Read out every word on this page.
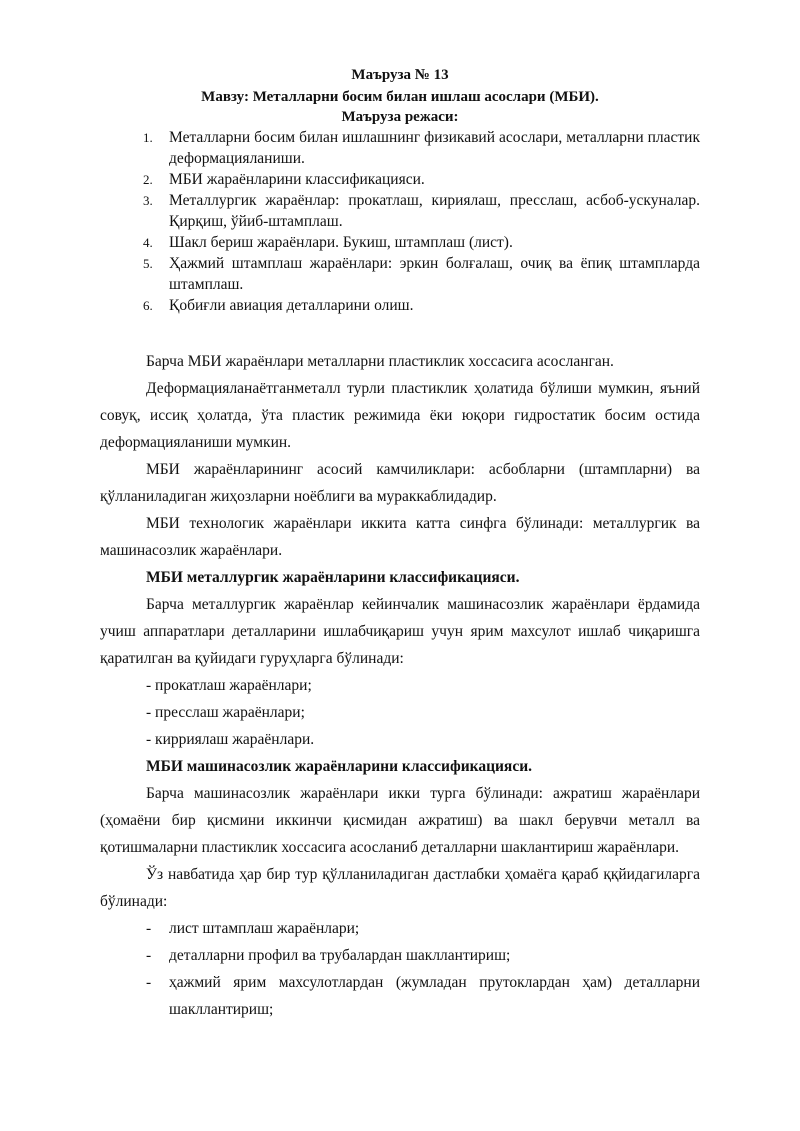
Маъруза № 13
Мавзу: Металларни босим билан ишлаш асослари (МБИ).
Маъруза режаси:
1. Металларни босим билан ишлашнинг физикавий асослари, металларни пластик деформацияланиши.
2. МБИ жараёнларини классификацияси.
3. Металлургик жараёнлар: прокатлаш, кириялаш, пресслаш, асбоб-ускуналар. Қирқиш, ўйиб-штамплаш.
4. Шакл бериш жараёнлари. Букиш, штамплаш (лист).
5. Ҳажмий штамплаш жараёнлари: эркин болғалаш, очиқ ва ёпиқ штампларда штамплаш.
6. Қобиғли авиация деталларини олиш.

Барча МБИ жараёнлари металларни пластиклик хоссасига асосланган.

Деформацияланаётганметалл турли пластиклик ҳолатида бўлиши мумкин, яъний совуқ, иссиқ ҳолатда, ўта пластик режимида ёки юқори гидростатик босим остида деформацияланиши мумкин.

МБИ жараёнларининг асосий камчиликлари: асбобларни (штампларни) ва қўлланиладиган жиҳозларни ноёблиги ва мураккаблидадир.

МБИ технологик жараёнлари иккита катта синфга бўлинади: металлургик ва машинасозлик жараёнлари.

МБИ металлургик жараёнларини классификацияси.

Барча металлургик жараёнлар кейинчалик машинасозлик жараёнлари ёрдамида учиш аппаратлари деталларини ишлабчиқариш учун ярим махсулот ишлаб чиқаришга қаратилган ва қуйидаги гуруҳларга бўлинади:

- прокатлаш жараёнлари;

- пресслаш жараёнлари;

- кирриялаш жараёнлари.

МБИ машинасозлик жараёнларини классификацияси.

Барча машинасозлик жараёнлари икки турга бўлинади: ажратиш жараёнлари (ҳомаёни бир қисмини иккинчи қисмидан ажратиш) ва шакл берувчи металл ва қотишмаларни пластиклик хоссасига асосланиб деталларни шаклантириш жараёнлари.

Ўз навбатида ҳар бир тур қўлланиладиган дастлабки ҳомаёга қараб ққйидагиларга бўлинади:

- лист штамплаш жараёнлари;
- деталларни профил ва трубалардан шакллантириш;
- ҳажмий ярим махсулотлардан (жумладан прутоклардан ҳам) деталларни шакллантириш;
